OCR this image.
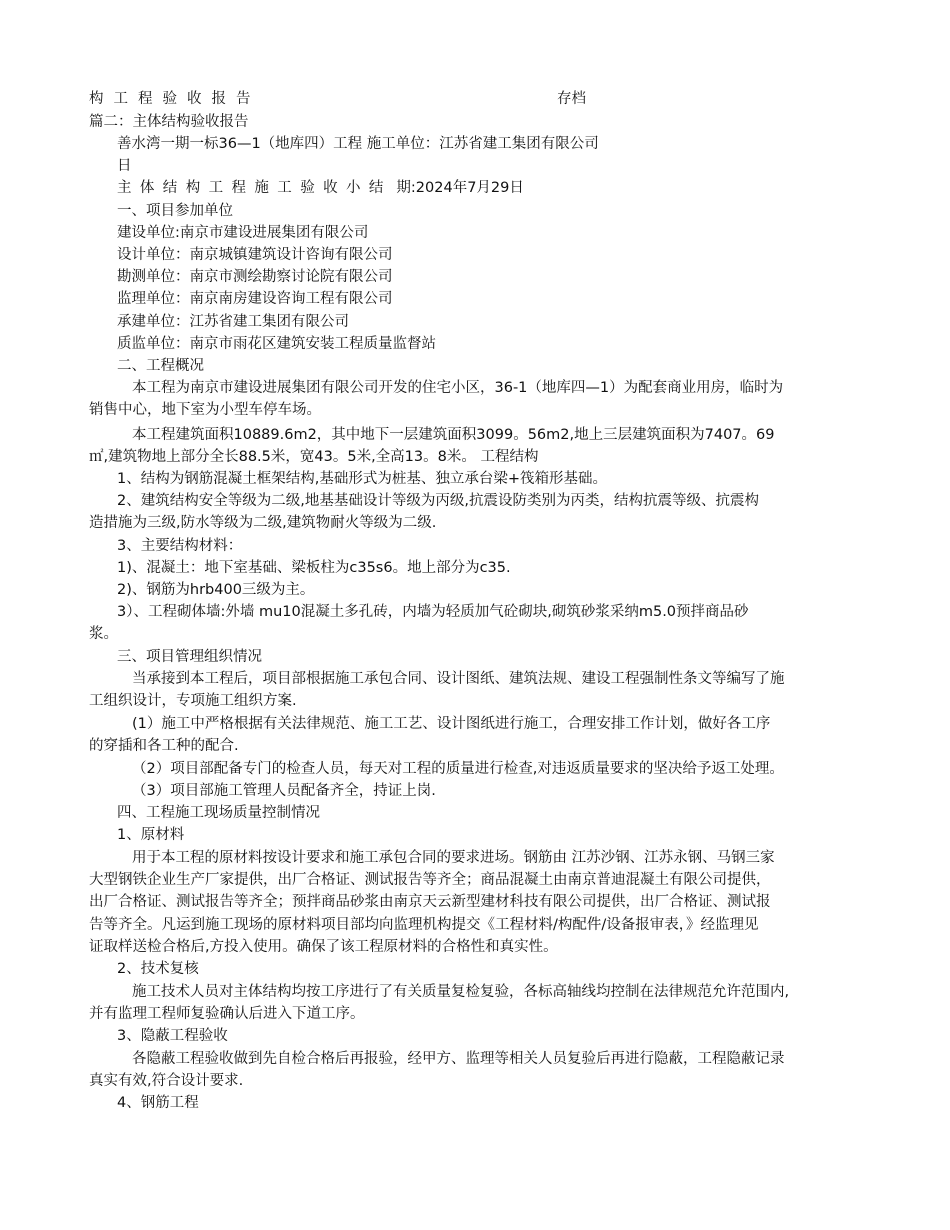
构工程验收报告	存档
篇二：主体结构验收报告
善水湾一期一标36—1（地库四）工程 施工单位：江苏省建工集团有限公司
日
主体结构工程施工验收小结 期:2024年7月29日
一、项目参加单位
建设单位:南京市建设进展集团有限公司
设计单位：南京城镇建筑设计咨询有限公司
勘测单位：南京市测绘勘察讨论院有限公司
监理单位：南京南房建设咨询工程有限公司
承建单位：江苏省建工集团有限公司
质监单位：南京市雨花区建筑安装工程质量监督站
二、工程概况
本工程为南京市建设进展集团有限公司开发的住宅小区，36-1（地库四—1）为配套商业用房，临时为
销售中心，地下室为小型车停车场。
本工程建筑面积10889.6m2，其中地下一层建筑面积3099。56m2,地上三层建筑面积为7407。69
㎡,建筑物地上部分全长88.5米，宽43。5米,全高13。8米。 工程结构
1、结构为钢筋混凝土框架结构,基础形式为桩基、独立承台梁+筏箱形基础。
2、建筑结构安全等级为二级,地基基础设计等级为丙级,抗震设防类别为丙类，结构抗震等级、抗震构
造措施为三级,防水等级为二级,建筑物耐火等级为二级.
3、主要结构材料：
1)、混凝土：地下室基础、梁板柱为c35s6。地上部分为c35.
2)、钢筋为hrb400三级为主。
3）、工程砌体墙:外墙 mu10混凝土多孔砖，内墙为轻质加气砼砌块,砌筑砂浆采纳m5.0预拌商品砂
浆。
三、项目管理组织情况
当承接到本工程后，项目部根据施工承包合同、设计图纸、建筑法规、建设工程强制性条文等编写了施
工组织设计，专项施工组织方案.
(1）施工中严格根据有关法律规范、施工工艺、设计图纸进行施工，合理安排工作计划，做好各工序
的穿插和各工种的配合.
（2）项目部配备专门的检查人员，每天对工程的质量进行检查,对违返质量要求的坚决给予返工处理。
（3）项目部施工管理人员配备齐全，持证上岗.
四、工程施工现场质量控制情况
1、原材料
用于本工程的原材料按设计要求和施工承包合同的要求进场。钢筋由 江苏沙钢、江苏永钢、马钢三家
大型钢铁企业生产厂家提供，出厂合格证、测试报告等齐全；商品混凝土由南京普迪混凝土有限公司提供，
出厂合格证、测试报告等齐全；预拌商品砂浆由南京天云新型建材科技有限公司提供，出厂合格证、测试报
告等齐全。凡运到施工现场的原材料项目部均向监理机构提交《工程材料/构配件/设备报审表，》经监理见
证取样送检合格后,方投入使用。确保了该工程原材料的合格性和真实性。
2、技术复核
施工技术人员对主体结构均按工序进行了有关质量复检复验，各标高轴线均控制在法律规范允许范围内,
并有监理工程师复验确认后进入下道工序。
3、隐蔽工程验收
各隐蔽工程验收做到先自检合格后再报验，经甲方、监理等相关人员复验后再进行隐蔽，工程隐蔽记录
真实有效,符合设计要求.
4、钢筋工程
